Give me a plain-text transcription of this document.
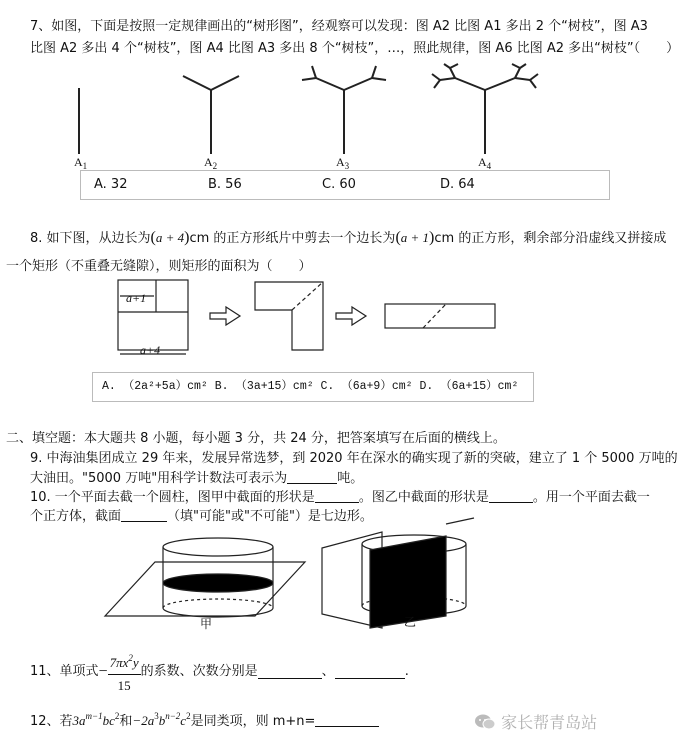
7、如图，下面是按照一定规律画出的“树形图”，经观察可以发现：图 A2 比图 A1 多出 2 个“树枝”，图 A3
比图 A2 多出 4 个“树枝”，图 A4 比图 A3 多出 8 个“树枝”，…，照此规律，图 A6 比图 A2 多出“树枝”（　　）
$A_1$	$A_2$	$A_3$	$A_4$
A. 32	B. 56	C. 60	D. 64
8. 如下图，从边长为(a + 4)cm 的正方形纸片中剪去一个边长为(a + 1)cm 的正方形，剩余部分沿虚线又拼接成
一个矩形（不重叠无缝隙），则矩形的面积为（　　）
a+1
a+4
A. （2a²+5a）cm² B. （3a+15）cm² C. （6a+9）cm² D. （6a+15）cm²
二、填空题：本大题共 8 小题，每小题 3 分，共 24 分，把答案填写在后面的横线上。
9. 中海油集团成立 29 年来，发展异常选梦，到 2020 年在深水的确实现了新的突破，建立了 1 个 5000 万吨的
大油田。"5000 万吨"用科学计数法可表示为	吨。
10. 一个平面去截一个圆柱，图甲中截面的形状是	。图乙中截面的形状是	。用一个平面去截一
个正方体，截面	（填"可能"或"不可能"）是七边形。
甲	乙
11、单项式− $\frac{7\pi x^2y}{15}$ 的系数、次数分别是	、	.
12、若$3a^{m-1}bc^2$和$-2a^3b^{n-2}c^2$是同类项，则 m+n=	家长帮青岛站
